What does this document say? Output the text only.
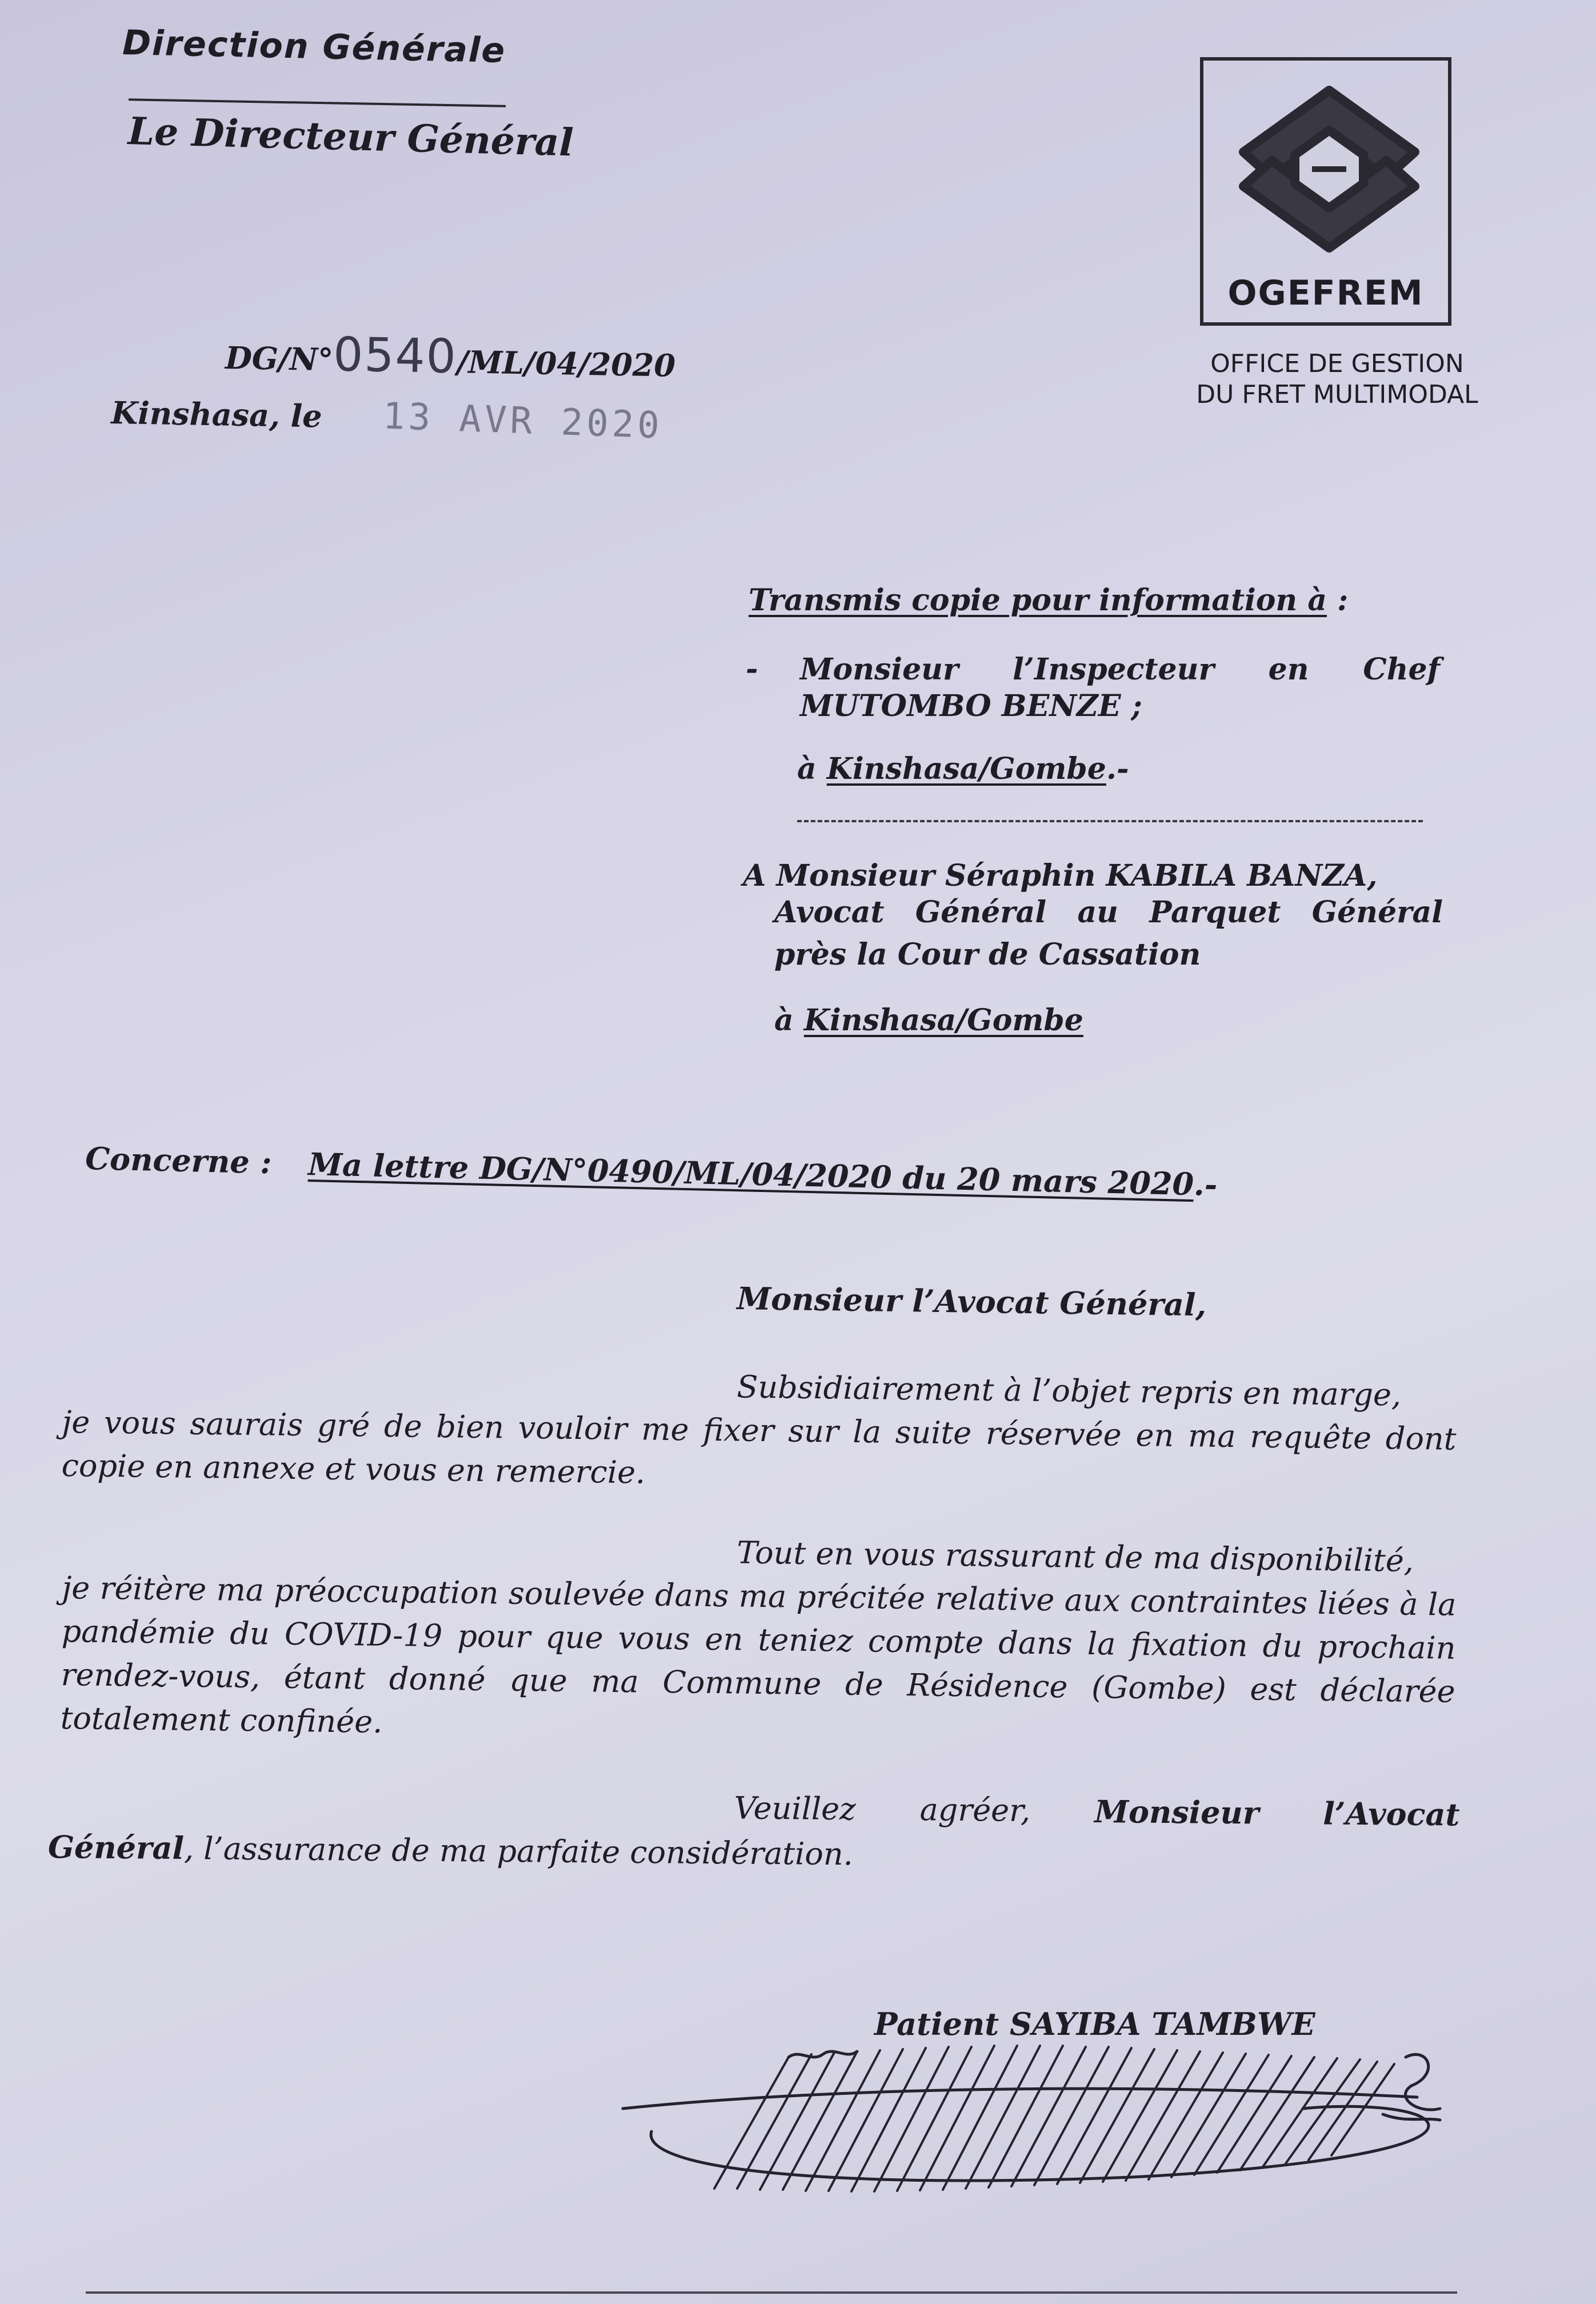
Direction Générale
Le Directeur Général
OGEFREM
OFFICE DE GESTION
DU FRET MULTIMODAL
DG/N°0540/ML/04/2020
Kinshasa, le 13 AVR 2020
Transmis copie pour information à :
- Monsieur l’Inspecteur en Chef
MUTOMBO BENZE ;
à Kinshasa/Gombe.-
A Monsieur Séraphin KABILA BANZA,
Avocat Général au Parquet Général
près la Cour de Cassation
à Kinshasa/Gombe
Concerne : Ma lettre DG/N°0490/ML/04/2020 du 20 mars 2020.-
Monsieur l’Avocat Général,
Subsidiairement à l’objet repris en marge,
je vous saurais gré de bien vouloir me fixer sur la suite réservée en ma requête dont copie en annexe et vous en remercie.
Tout en vous rassurant de ma disponibilité,
je réitère ma préoccupation soulevée dans ma précitée relative aux contraintes liées à la pandémie du COVID-19 pour que vous en teniez compte dans la fixation du prochain rendez-vous, étant donné que ma Commune de Résidence (Gombe) est déclarée totalement confinée.
Veuillez agréer, Monsieur l’Avocat
Général, l’assurance de ma parfaite considération.
Patient SAYIBA TAMBWE
